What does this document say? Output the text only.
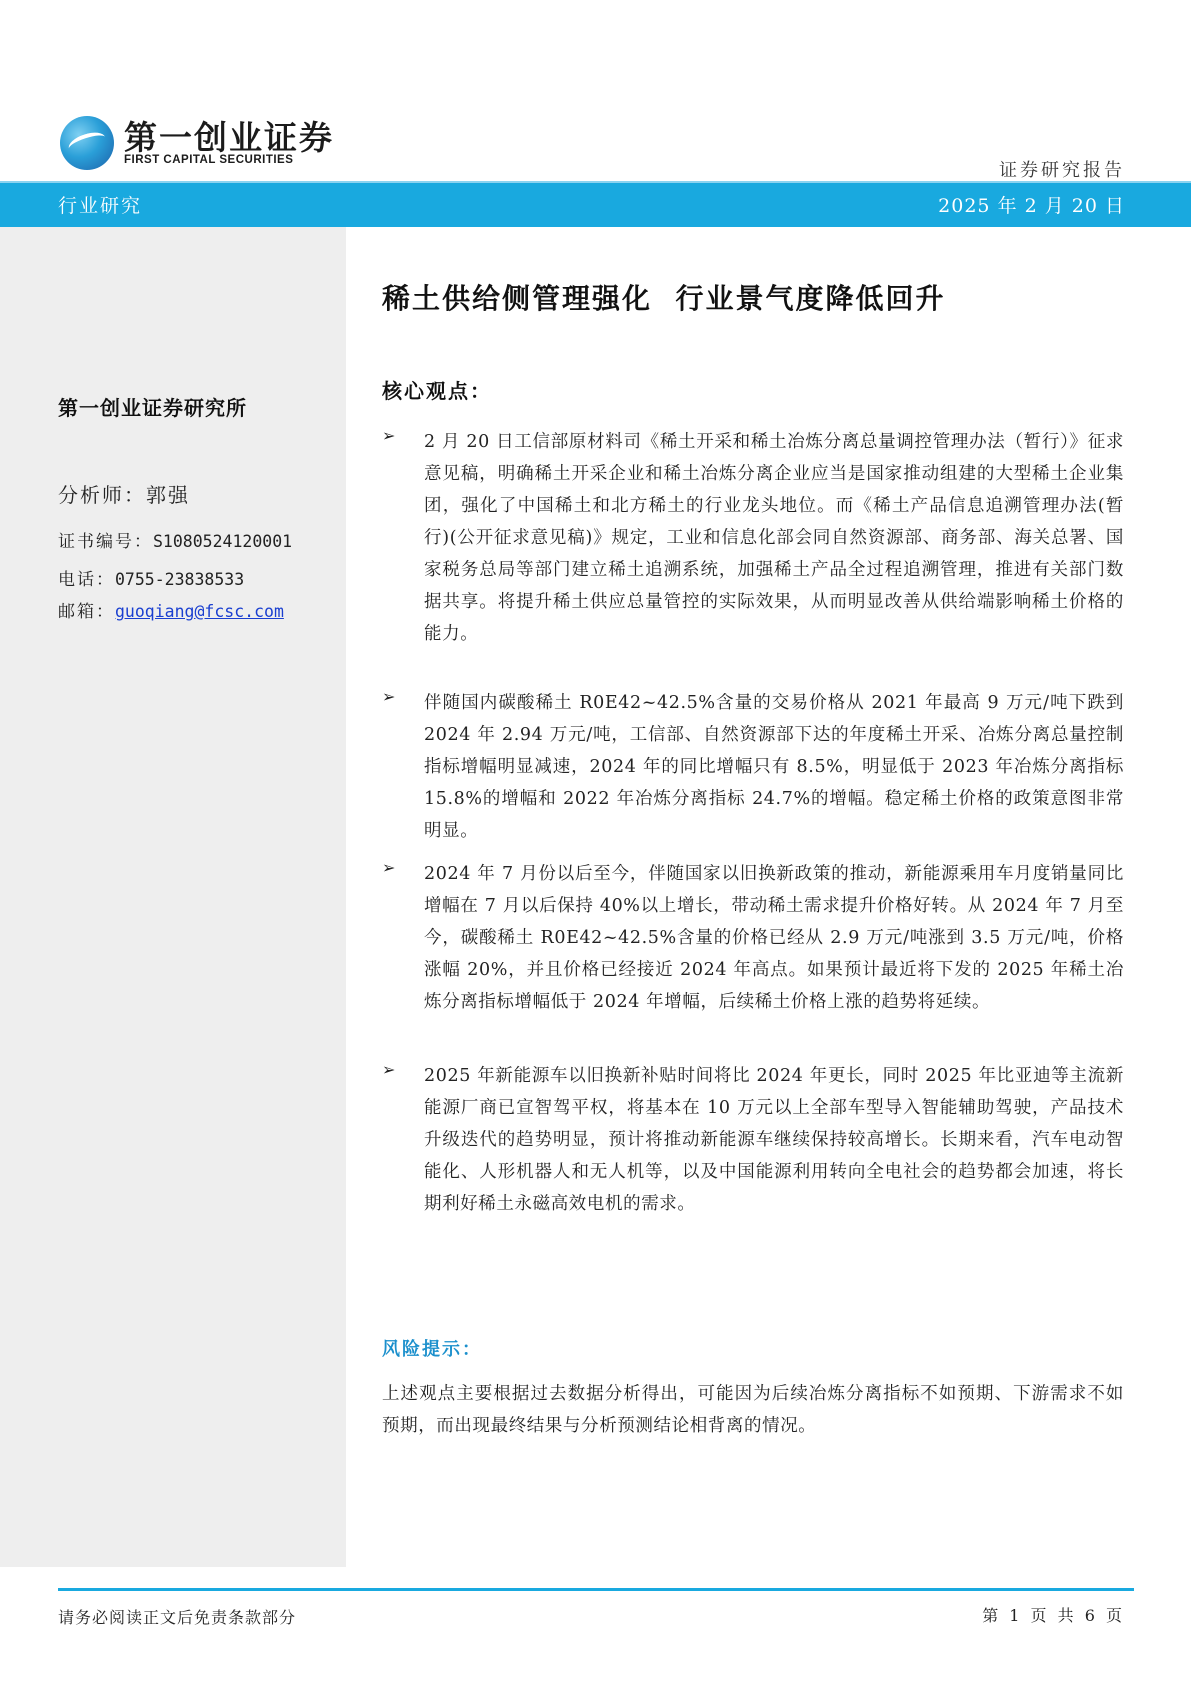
第一创业证券
FIRST CAPITAL SECURITIES	证券研究报告
行业研究	2025 年 2 月 20 日
第一创业证券研究所
分析师：郭强
证书编号：S1080524120001
电话：0755-23838533
邮箱：guoqiang@fcsc.com
稀土供给侧管理强化  行业景气度降低回升
核心观点：
➢ 2 月 20 日工信部原材料司《稀土开采和稀土冶炼分离总量调控管理办法（暂行）》征求意见稿，明确稀土开采企业和稀土冶炼分离企业应当是国家推动组建的大型稀土企业集团，强化了中国稀土和北方稀土的行业龙头地位。而《稀土产品信息追溯管理办法(暂行)(公开征求意见稿)》规定，工业和信息化部会同自然资源部、商务部、海关总署、国家税务总局等部门建立稀土追溯系统，加强稀土产品全过程追溯管理，推进有关部门数据共享。将提升稀土供应总量管控的实际效果，从而明显改善从供给端影响稀土价格的能力。
➢ 伴随国内碳酸稀土 R0E42~42.5%含量的交易价格从 2021 年最高 9 万元/吨下跌到 2024 年 2.94 万元/吨，工信部、自然资源部下达的年度稀土开采、冶炼分离总量控制指标增幅明显减速，2024 年的同比增幅只有 8.5%，明显低于 2023 年冶炼分离指标 15.8%的增幅和 2022 年冶炼分离指标 24.7%的增幅。稳定稀土价格的政策意图非常明显。
➢ 2024 年 7 月份以后至今，伴随国家以旧换新政策的推动，新能源乘用车月度销量同比增幅在 7 月以后保持 40%以上增长，带动稀土需求提升价格好转。从 2024 年 7 月至今，碳酸稀土 R0E42~42.5%含量的价格已经从 2.9 万元/吨涨到 3.5 万元/吨，价格涨幅 20%，并且价格已经接近 2024 年高点。如果预计最近将下发的 2025 年稀土冶炼分离指标增幅低于 2024 年增幅，后续稀土价格上涨的趋势将延续。
➢ 2025 年新能源车以旧换新补贴时间将比 2024 年更长，同时 2025 年比亚迪等主流新能源厂商已宣智驾平权，将基本在 10 万元以上全部车型导入智能辅助驾驶，产品技术升级迭代的趋势明显，预计将推动新能源车继续保持较高增长。长期来看，汽车电动智能化、人形机器人和无人机等，以及中国能源利用转向全电社会的趋势都会加速，将长期利好稀土永磁高效电机的需求。
风险提示：
上述观点主要根据过去数据分析得出，可能因为后续冶炼分离指标不如预期、下游需求不如预期，而出现最终结果与分析预测结论相背离的情况。
请务必阅读正文后免责条款部分	第 1 页 共 6 页
